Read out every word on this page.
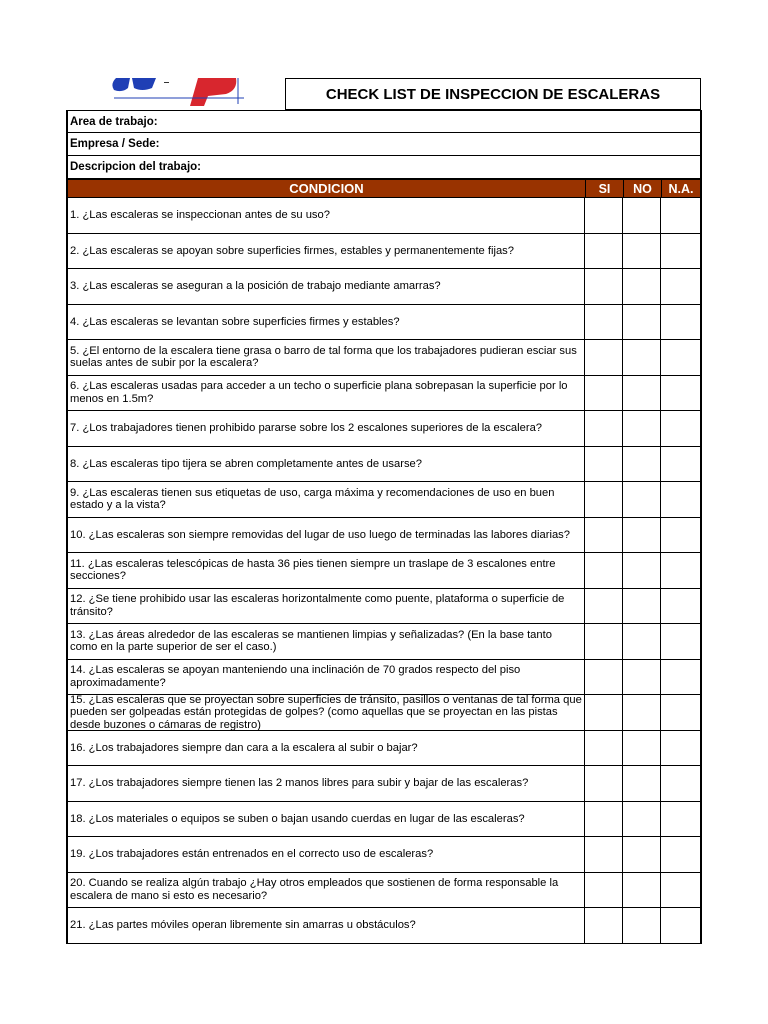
CHECK LIST DE INSPECCION DE ESCALERAS
Area de trabajo:
Empresa / Sede:
Descripcion del trabajo:
CONDICION	SI	NO	N.A.
1. ¿Las escaleras se inspeccionan antes de su uso?
2. ¿Las escaleras se apoyan sobre superficies firmes, estables y permanentemente fijas?
3. ¿Las escaleras se aseguran a la posición de trabajo mediante amarras?
4. ¿Las escaleras se levantan sobre superficies firmes y estables?
5. ¿El entorno de la escalera tiene grasa o barro de tal forma que los trabajadores pudieran esciar sus suelas antes de subir por la escalera?
6. ¿Las escaleras usadas para acceder a un techo o superficie plana sobrepasan la superficie por lo menos en 1.5m?
7. ¿Los trabajadores tienen prohibido pararse sobre los 2 escalones superiores de la escalera?
8. ¿Las escaleras tipo tijera se abren completamente antes de usarse?
9. ¿Las escaleras tienen sus etiquetas de uso, carga máxima y recomendaciones de uso en buen estado y a la vista?
10. ¿Las escaleras son siempre removidas del lugar de uso luego de terminadas las labores diarias?
11. ¿Las escaleras telescópicas de hasta 36 pies tienen siempre un traslape de 3 escalones entre secciones?
12. ¿Se tiene prohibido usar las escaleras horizontalmente como puente, plataforma o superficie de tránsito?
13. ¿Las áreas alrededor de las escaleras se mantienen limpias y señalizadas? (En la base tanto como en la parte superior de ser el caso.)
14. ¿Las escaleras se apoyan manteniendo una inclinación de 70 grados respecto del piso aproximadamente?
15. ¿Las escaleras que se proyectan sobre superficies de tránsito, pasillos o ventanas de tal forma que pueden ser golpeadas están protegidas de golpes? (como aquellas que se proyectan en las pistas desde buzones o cámaras de registro)
16. ¿Los trabajadores siempre dan cara a la escalera al subir o bajar?
17. ¿Los trabajadores siempre tienen las 2 manos libres para subir y bajar de las escaleras?
18. ¿Los materiales o equipos se suben o bajan usando cuerdas en lugar de las escaleras?
19. ¿Los trabajadores están entrenados en el correcto uso de escaleras?
20. Cuando se realiza algún trabajo ¿Hay otros empleados que sostienen de forma responsable la escalera de mano si esto es necesario?
21. ¿Las partes móviles operan libremente sin amarras u obstáculos?
